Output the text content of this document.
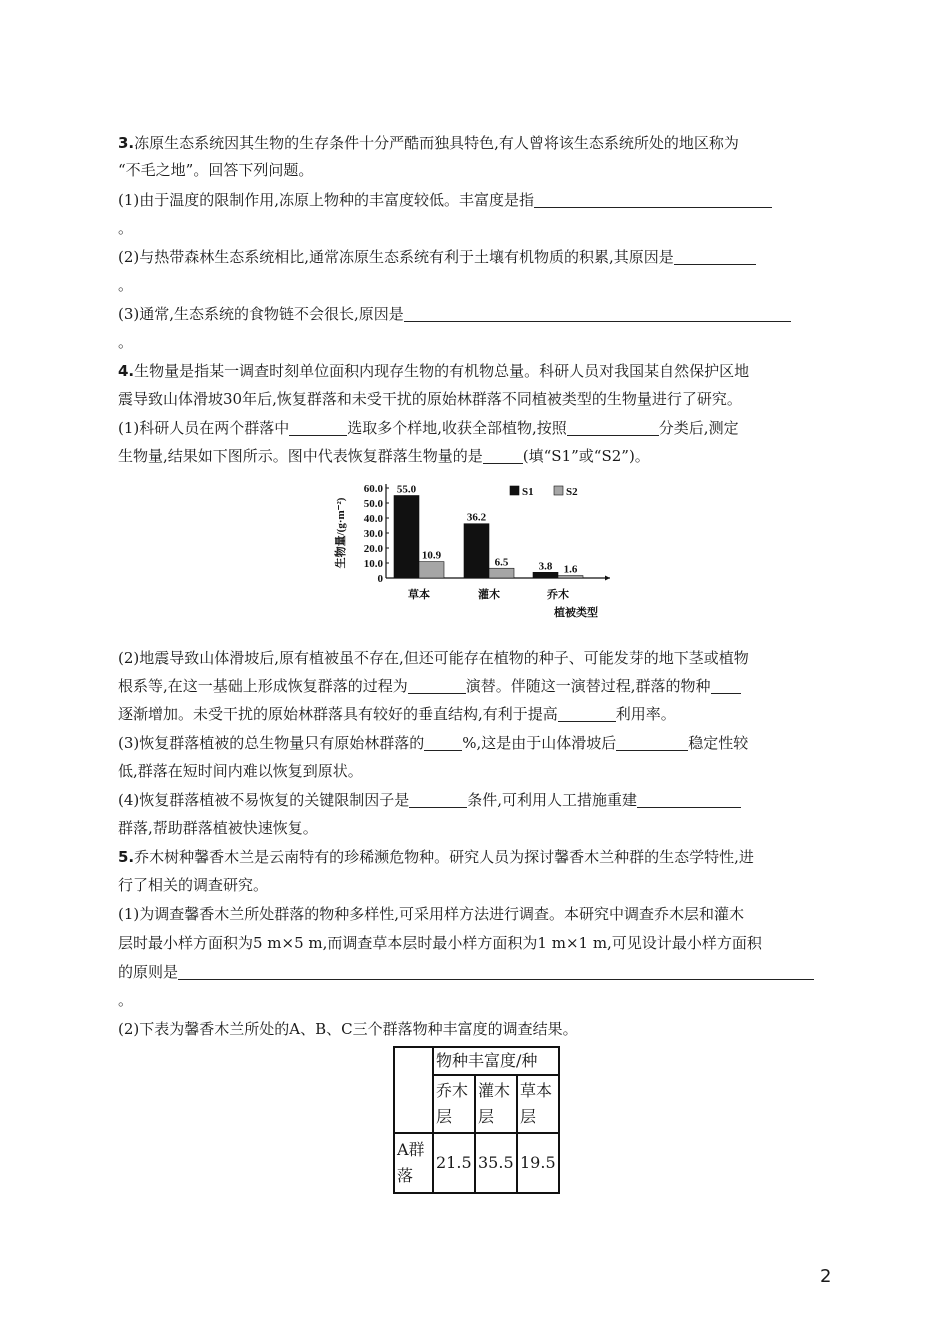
3.冻原生态系统因其生物的生存条件十分严酷而独具特色,有人曾将该生态系统所处的地区称为
“不毛之地”。回答下列问题。
(1)由于温度的限制作用,冻原上物种的丰富度较低。丰富度是指
。
(2)与热带森林生态系统相比,通常冻原生态系统有利于土壤有机物质的积累,其原因是
。
(3)通常,生态系统的食物链不会很长,原因是
。
4.生物量是指某一调查时刻单位面积内现存生物的有机物总量。科研人员对我国某自然保护区地
震导致山体滑坡30年后,恢复群落和未受干扰的原始林群落不同植被类型的生物量进行了研究。
(1)科研人员在两个群落中	选取多个样地,收获全部植物,按照	分类后,测定
生物量,结果如下图所示。图中代表恢复群落生物量的是	(填“S1”或“S2”)。
0
10.0
20.0
30.0
40.0
50.0
60.0
生物量/(g·m⁻²)
55.0
10.9
草本
36.2
6.5
灌木
3.8 1.6
乔木
植被类型
S1	S2
(2)地震导致山体滑坡后,原有植被虽不存在,但还可能存在植物的种子、可能发芽的地下茎或植物
根系等,在这一基础上形成恢复群落的过程为	演替。伴随这一演替过程,群落的物种
逐渐增加。未受干扰的原始林群落具有较好的垂直结构,有利于提高	利用率。
(3)恢复群落植被的总生物量只有原始林群落的	%,这是由于山体滑坡后	稳定性较
低,群落在短时间内难以恢复到原状。
(4)恢复群落植被不易恢复的关键限制因子是	条件,可利用人工措施重建
群落,帮助群落植被快速恢复。
5.乔木树种馨香木兰是云南特有的珍稀濒危物种。研究人员为探讨馨香木兰种群的生态学特性,进
行了相关的调查研究。
(1)为调查馨香木兰所处群落的物种多样性,可采用样方法进行调查。本研究中调查乔木层和灌木
层时最小样方面积为5 m×5 m,而调查草本层时最小样方面积为1 m×1 m,可见设计最小样方面积
的原则是
。
(2)下表为馨香木兰所处的A、B、C三个群落物种丰富度的调查结果。
	物种丰富度/种		
	乔木层	灌木层	草本层
A群落	21.5	35.5	19.5
2
